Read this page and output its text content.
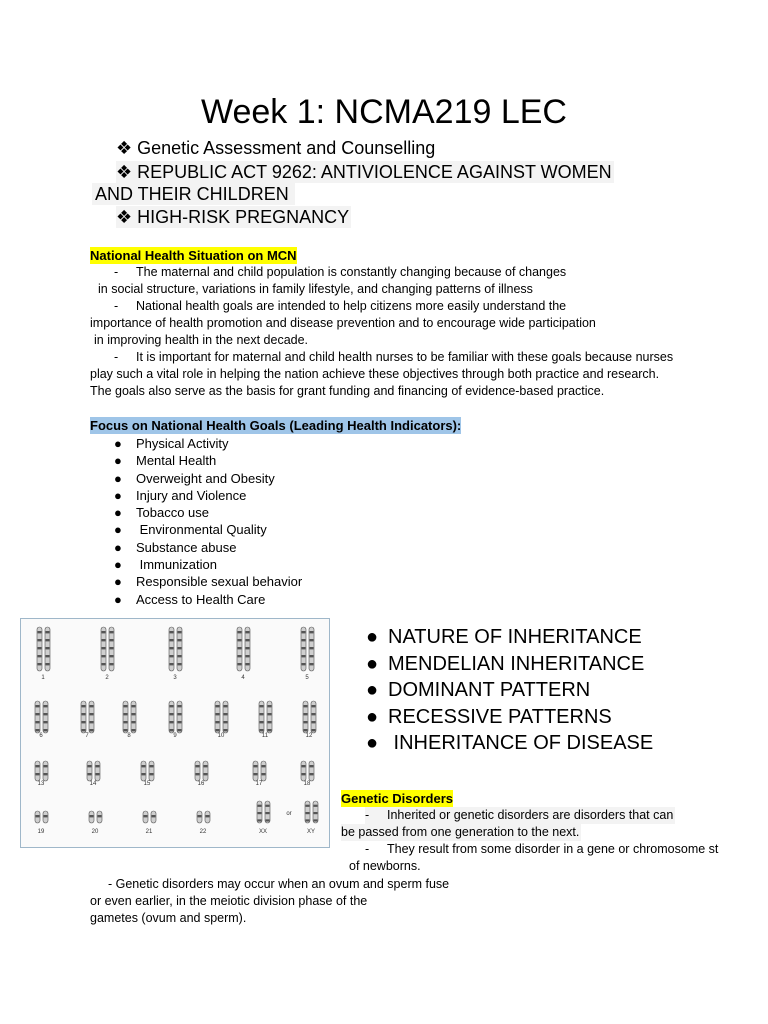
Week 1: NCMA219 LEC
❖ Genetic Assessment and Counselling
❖ REPUBLIC ACT 9262: ANTIVIOLENCE AGAINST WOMEN
AND THEIR CHILDREN
❖ HIGH-RISK PREGNANCY
National Health Situation on MCN
- The maternal and child population is constantly changing because of changes
in social structure, variations in family lifestyle, and changing patterns of illness
- National health goals are intended to help citizens more easily understand the
importance of health promotion and disease prevention and to encourage wide participation
in improving health in the next decade.
- It is important for maternal and child health nurses to be familiar with these goals because nurses
play such a vital role in helping the nation achieve these objectives through both practice and research.
The goals also serve as the basis for grant funding and financing of evidence-based practice.
Focus on National Health Goals (Leading Health Indicators):
● Physical Activity
● Mental Health
● Overweight and Obesity
● Injury and Violence
● Tobacco use
● Environmental Quality
● Substance abuse
● Immunization
● Responsible sexual behavior
● Access to Health Care
1	2	3	4	5
6	7	8	9	10	11	12
13	14	15	16	17	18
19	20	21	22	XX	XY
or
● NATURE OF INHERITANCE
● MENDELIAN INHERITANCE
● DOMINANT PATTERN
● RECESSIVE PATTERNS
● INHERITANCE OF DISEASE
Genetic Disorders
- Inherited or genetic disorders are disorders that can
be passed from one generation to the next.
- They result from some disorder in a gene or chromosome st
of newborns.
- Genetic disorders may occur when an ovum and sperm fuse
or even earlier, in the meiotic division phase of the
gametes (ovum and sperm).
